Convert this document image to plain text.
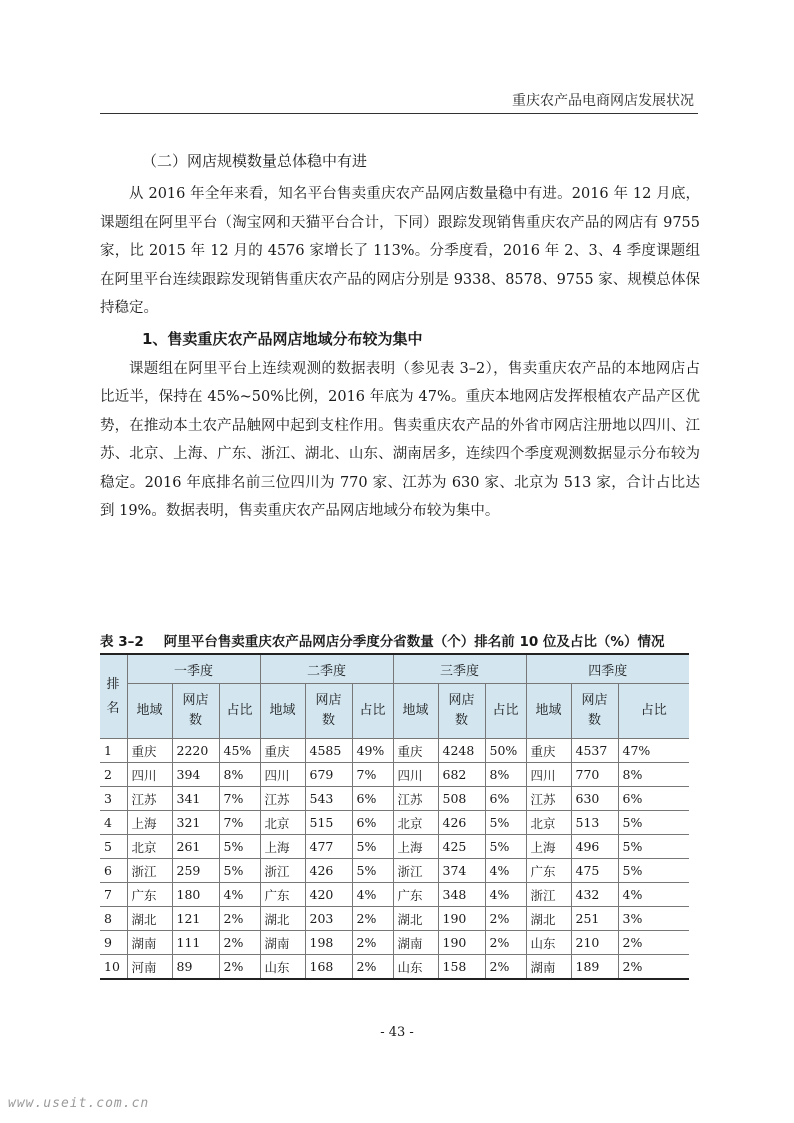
重庆农产品电商网店发展状况
（二）网店规模数量总体稳中有进

从 2016 年全年来看，知名平台售卖重庆农产品网店数量稳中有进。2016 年 12 月底，课题组在阿里平台（淘宝网和天猫平台合计，下同）跟踪发现销售重庆农产品的网店有 9755 家，比 2015 年 12 月的 4576 家增长了 113%。分季度看，2016 年 2、3、4 季度课题组在阿里平台连续跟踪发现销售重庆农产品的网店分别是 9338、8578、9755 家、规模总体保持稳定。

1、售卖重庆农产品网店地域分布较为集中

课题组在阿里平台上连续观测的数据表明（参见表 3–2），售卖重庆农产品的本地网店占比近半，保持在 45%~50%比例，2016 年底为 47%。重庆本地网店发挥根植农产品产区优势，在推动本土农产品触网中起到支柱作用。售卖重庆农产品的外省市网店注册地以四川、江苏、北京、上海、广东、浙江、湖北、山东、湖南居多，连续四个季度观测数据显示分布较为稳定。2016 年底排名前三位四川为 770 家、江苏为 630 家、北京为 513 家，合计占比达到 19%。数据表明，售卖重庆农产品网店地域分布较为集中。

表 3–2 阿里平台售卖重庆农产品网店分季度分省数量（个）排名前 10 位及占比（%）情况
排名	一季度			二季度			三季度			四季度		
	地域	网店数	占比	地域	网店数	占比	地域	网店数	占比	地域	网店数	占比
1	重庆	2220	45%	重庆	4585	49%	重庆	4248	50%	重庆	4537	47%
2	四川	394	8%	四川	679	7%	四川	682	8%	四川	770	8%
3	江苏	341	7%	江苏	543	6%	江苏	508	6%	江苏	630	6%
4	上海	321	7%	北京	515	6%	北京	426	5%	北京	513	5%
5	北京	261	5%	上海	477	5%	上海	425	5%	上海	496	5%
6	浙江	259	5%	浙江	426	5%	浙江	374	4%	广东	475	5%
7	广东	180	4%	广东	420	4%	广东	348	4%	浙江	432	4%
8	湖北	121	2%	湖北	203	2%	湖北	190	2%	湖北	251	3%
9	湖南	111	2%	湖南	198	2%	湖南	190	2%	山东	210	2%
10	河南	89	2%	山东	168	2%	山东	158	2%	湖南	189	2%
- 43 -
www.useit.com.cn
